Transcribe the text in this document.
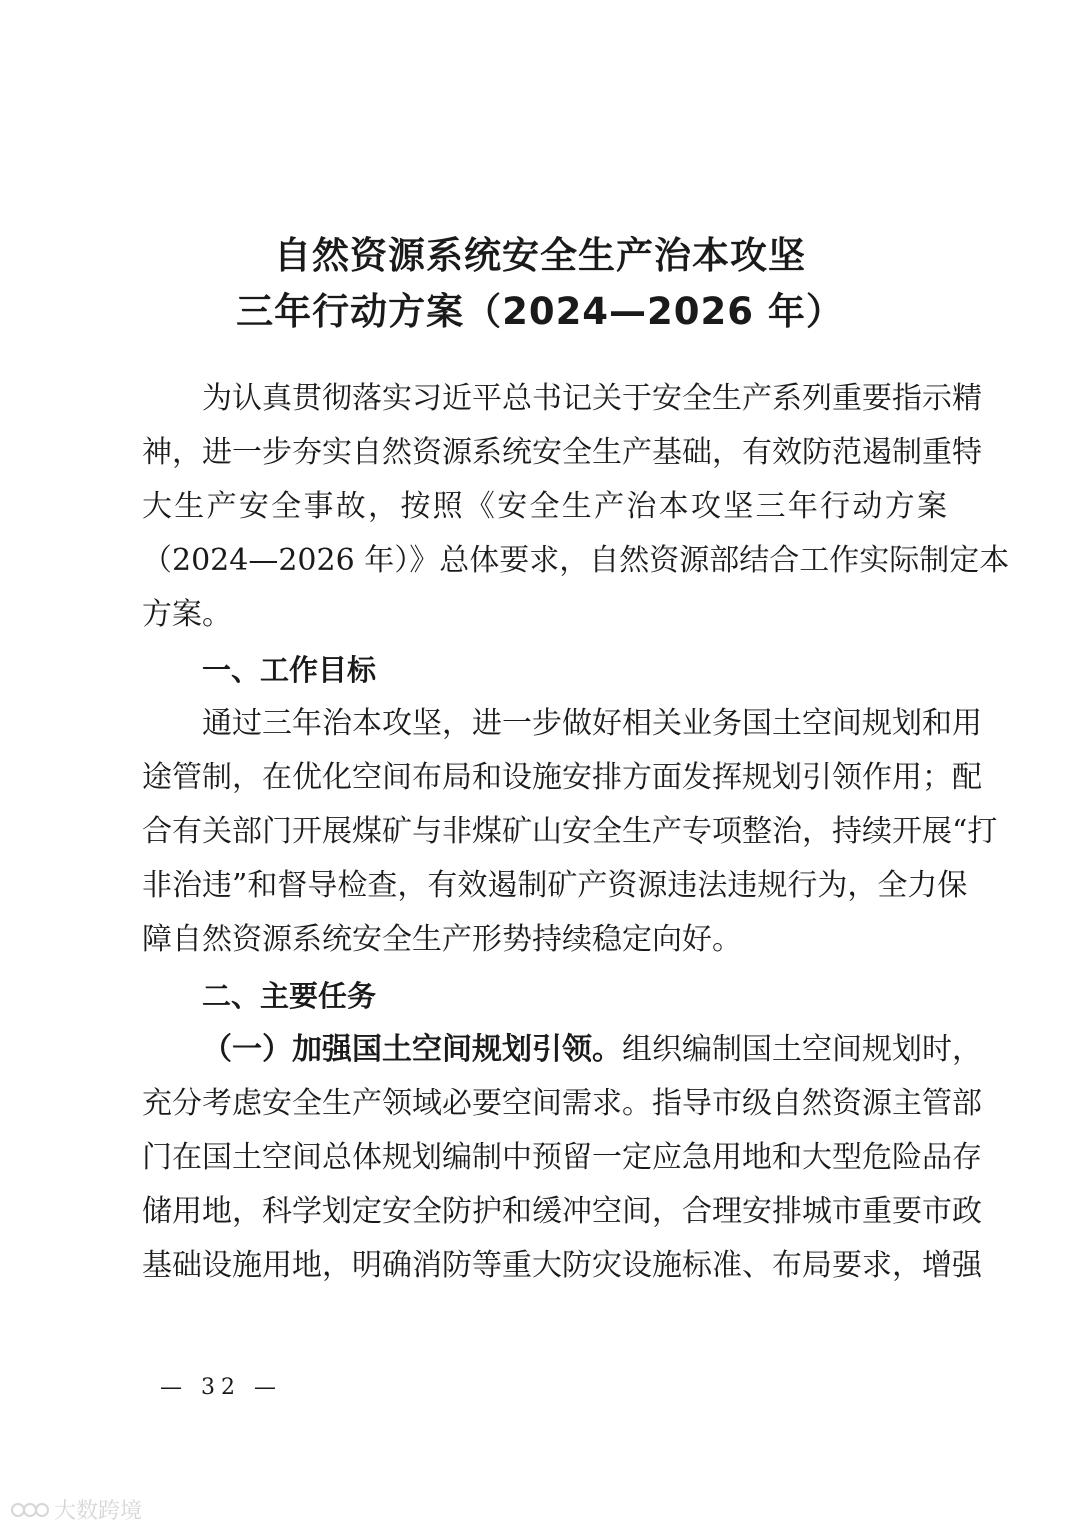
自然资源系统安全生产治本攻坚
三年行动方案（2024—2026 年）
为认真贯彻落实习近平总书记关于安全生产系列重要指示精
神，进一步夯实自然资源系统安全生产基础，有效防范遏制重特
大生产安全事故，按照《安全生产治本攻坚三年行动方案
（2024—2026 年）》总体要求，自然资源部结合工作实际制定本
方案。
一、工作目标
通过三年治本攻坚，进一步做好相关业务国土空间规划和用
途管制，在优化空间布局和设施安排方面发挥规划引领作用；配
合有关部门开展煤矿与非煤矿山安全生产专项整治，持续开展“打
非治违”和督导检查，有效遏制矿产资源违法违规行为，全力保
障自然资源系统安全生产形势持续稳定向好。
二、主要任务
（一）加强国土空间规划引领。组织编制国土空间规划时，
充分考虑安全生产领域必要空间需求。指导市级自然资源主管部
门在国土空间总体规划编制中预留一定应急用地和大型危险品存
储用地，科学划定安全防护和缓冲空间，合理安排城市重要市政
基础设施用地，明确消防等重大防灾设施标准、布局要求，增强
— 32 —
大数跨境
